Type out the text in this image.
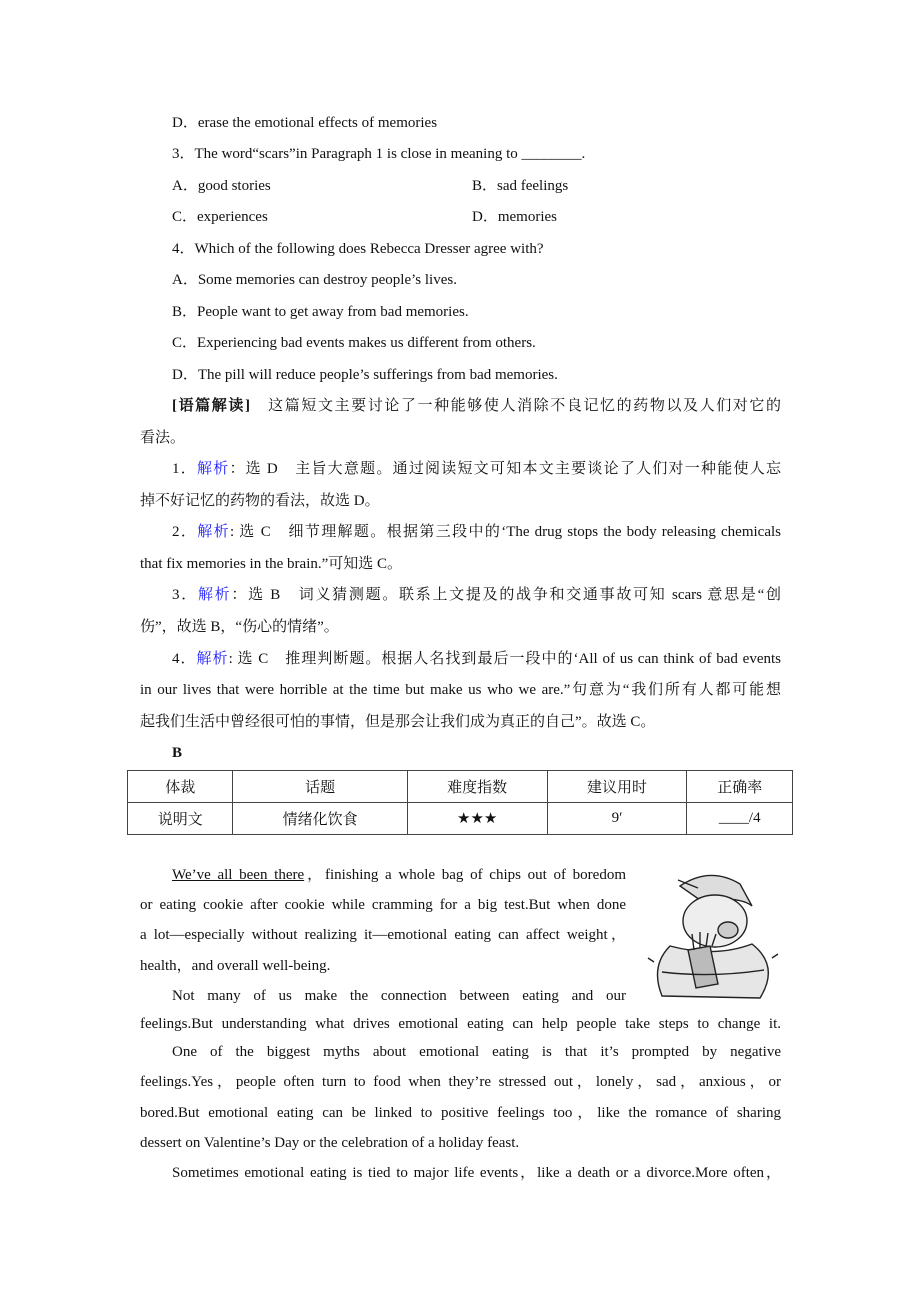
D．erase the emotional effects of memories
3．The word“scars”in Paragraph 1 is close in meaning to ________.
A．good stories	B．sad feelings
C．experiences	D．memories
4．Which of the following does Rebecca Dresser agree with?
A．Some memories can destroy people’s lives.
B．People want to get away from bad memories.
C．Experiencing bad events makes us different from others.
D．The pill will reduce people’s sufferings from bad memories.
[语篇解读]　 这篇短文主要讨论了一种能够使人消除不良记忆的药物以及人们对它的
看法。
1．解析：选 D　主旨大意题。通过阅读短文可知本文主要谈论了人们对一种能使人忘
掉不好记忆的药物的看法，故选 D。
2．解析: 选 C　细节理解题。根据第三段中的‘The drug stops the body releasing chemicals
that fix memories in the brain.”可知选 C。
3．解析：选 B　词义猜测题。联系上文提及的战争和交通事故可知 scars 意思是“创
伤”，故选 B，“伤心的情绪”。
4．解析: 选 C　推理判断题。根据人名找到最后一段中的‘All of us can think of bad events
in our lives that were horrible at the time but make us who we are.”句意为“我们所有人都可能想
起我们生活中曾经很可怕的事情，但是那会让我们成为真正的自己”。故选 C。
B
体裁	话题	难度指数	建议用时	正确率
说明文	情绪化饮食	★★★	9′	____/4
We’ve all been there，finishing a whole bag of chips out of boredom
or eating cookie after cookie while cramming for a big test.But when done
a lot—especially without realizing it—emotional eating can affect weight，
health，and overall well-being.
Not many of us make the connection between eating and our
feelings.But understanding what drives emotional eating can help people take steps to change it.
One of the biggest myths about emotional eating is that it’s prompted by negative
feelings.Yes，people often turn to food when they’re stressed out，lonely，sad，anxious，or
bored.But emotional eating can be linked to positive feelings too，like the romance of sharing
dessert on Valentine’s Day or the celebration of a holiday feast.
Sometimes emotional eating is tied to major life events，like a death or a divorce.More often，
